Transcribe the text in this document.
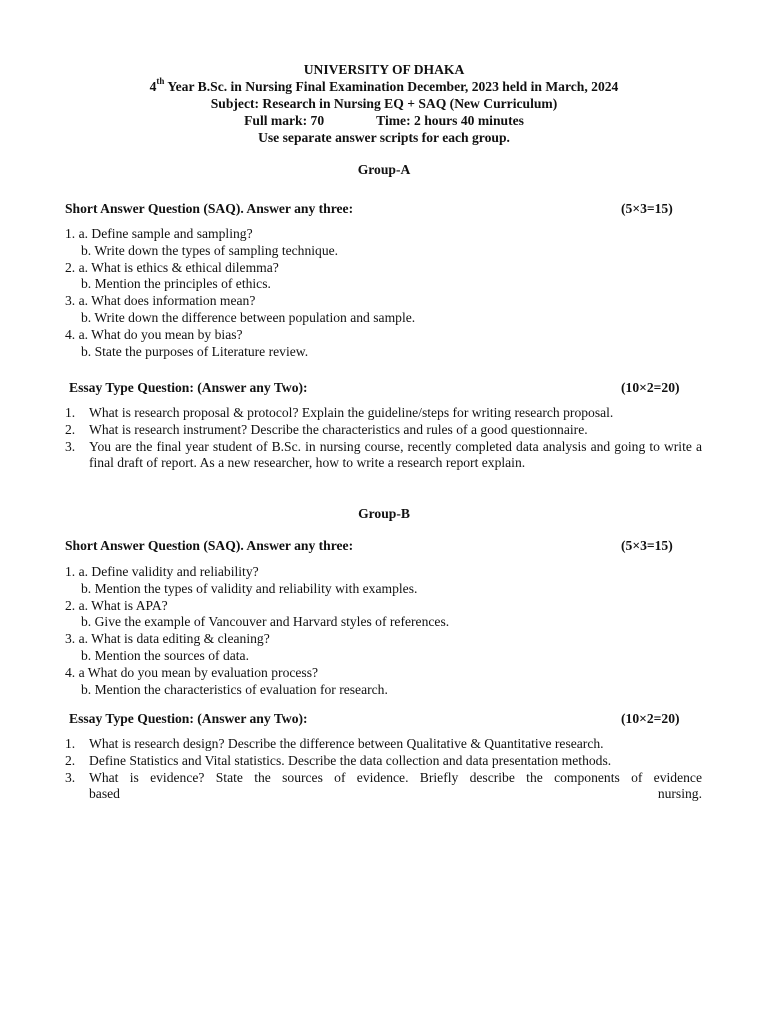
UNIVERSITY OF DHAKA
4th Year B.Sc. in Nursing Final Examination December, 2023 held in March, 2024
Subject: Research in Nursing EQ + SAQ (New Curriculum)
Full mark: 70	Time: 2 hours 40 minutes
Use separate answer scripts for each group.
Group-A
Short Answer Question (SAQ). Answer any three:	(5×3=15)
1. a. Define sample and sampling?
b. Write down the types of sampling technique.
2. a. What is ethics & ethical dilemma?
b. Mention the principles of ethics.
3. a. What does information mean?
b. Write down the difference between population and sample.
4. a. What do you mean by bias?
b. State the purposes of Literature review.
Essay Type Question: (Answer any Two):	(10×2=20)
1.	What is research proposal & protocol? Explain the guideline/steps for writing research proposal.
2.	What is research instrument? Describe the characteristics and rules of a good questionnaire.
3.	You are the final year student of B.Sc. in nursing course, recently completed data analysis and going to write a final draft of report. As a new researcher, how to write a research report explain.
Group-B
Short Answer Question (SAQ). Answer any three:	(5×3=15)
1. a. Define validity and reliability?
b. Mention the types of validity and reliability with examples.
2. a. What is APA?
b. Give the example of Vancouver and Harvard styles of references.
3. a. What is data editing & cleaning?
b. Mention the sources of data.
4. a What do you mean by evaluation process?
b. Mention the characteristics of evaluation for research.
Essay Type Question: (Answer any Two):	(10×2=20)
1.	What is research design? Describe the difference between Qualitative & Quantitative research.
2.	Define Statistics and Vital statistics. Describe the data collection and data presentation methods.
3.	What is evidence? State the sources of evidence. Briefly describe the components of evidence
based	nursing.
